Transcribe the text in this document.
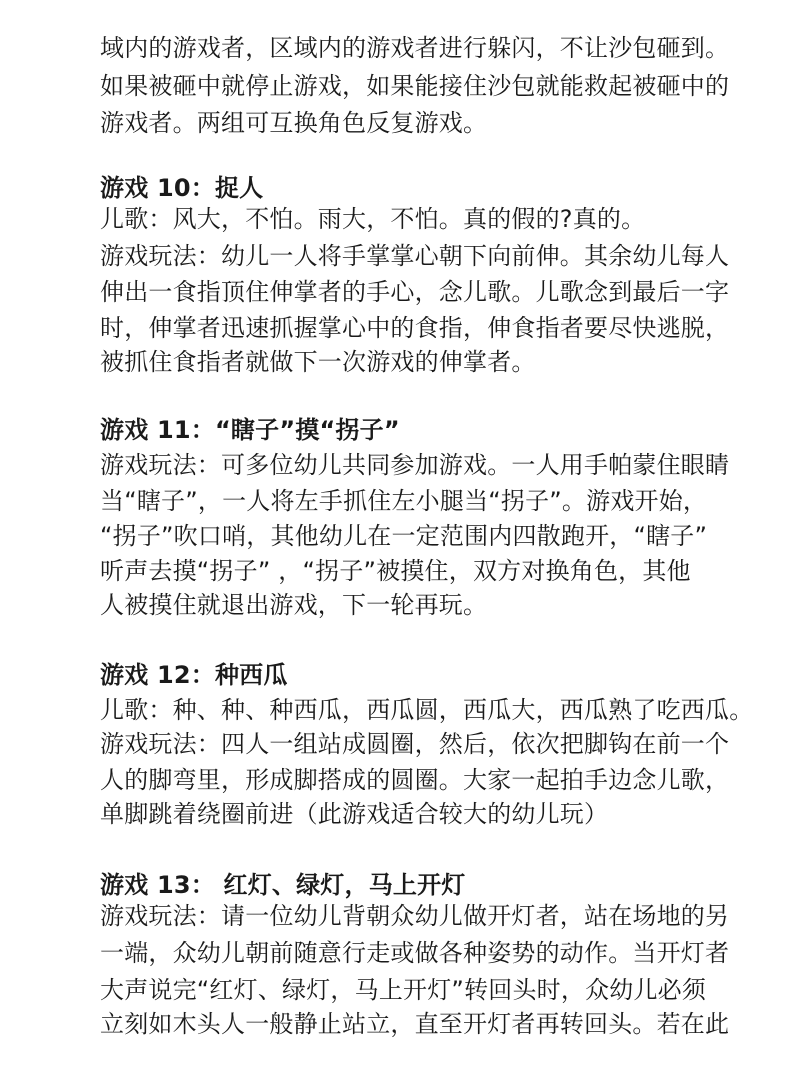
域内的游戏者，区域内的游戏者进行躲闪，不让沙包砸到。
如果被砸中就停止游戏，如果能接住沙包就能救起被砸中的
游戏者。两组可互换角色反复游戏。
游戏 10：捉人
儿歌：风大，不怕。雨大，不怕。真的假的?真的。
游戏玩法：幼儿一人将手掌掌心朝下向前伸。其余幼儿每人
伸出一食指顶住伸掌者的手心，念儿歌。儿歌念到最后一字
时，伸掌者迅速抓握掌心中的食指，伸食指者要尽快逃脱，
被抓住食指者就做下一次游戏的伸掌者。
游戏 11：“瞎子”摸“拐子”
游戏玩法：可多位幼儿共同参加游戏。一人用手帕蒙住眼睛
当“瞎子”，一人将左手抓住左小腿当“拐子”。游戏开始，
“拐子”吹口哨，其他幼儿在一定范围内四散跑开，“瞎子”
听声去摸“拐子” ，“拐子”被摸住，双方对换角色，其他
人被摸住就退出游戏，下一轮再玩。
游戏 12：种西瓜
儿歌：种、种、种西瓜，西瓜圆，西瓜大，西瓜熟了吃西瓜。
游戏玩法：四人一组站成圆圈，然后，依次把脚钩在前一个
人的脚弯里，形成脚搭成的圆圈。大家一起拍手边念儿歌，
单脚跳着绕圈前进（此游戏适合较大的幼儿玩）
游戏 13： 红灯、绿灯，马上开灯
游戏玩法：请一位幼儿背朝众幼儿做开灯者，站在场地的另
一端，众幼儿朝前随意行走或做各种姿势的动作。当开灯者
大声说完“红灯、绿灯，马上开灯”转回头时，众幼儿必须
立刻如木头人一般静止站立，直至开灯者再转回头。若在此
